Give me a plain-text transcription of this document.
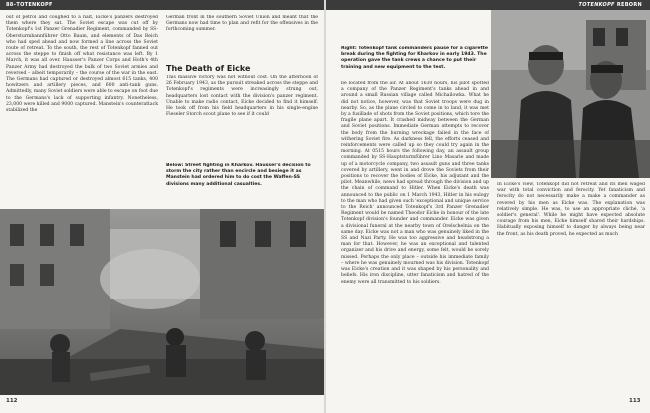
88–TOTENKOPF	TOTENKOPF REBORN
out of petrol and coughed to a halt, Eicke's panzers destroyed them where they sat. The Soviet escape was cut off by Totenkopf's 1st Panzer Grenadier Regiment, commanded by SS-Obersturmbannführer Otto Baum, and elements of Das Reich who had sped ahead and now formed a line across the Soviet route of retreat. To the south, the rest of Totenkopf fanned out across the steppe to finish off what resistance was left. By 1 March, it was all over. Hausser's Panzer Corps and Hoth's 4th Panzer Army had destroyed the bulk of two Soviet armies and reversed – albeit temporarily – the course of the war in the east. The Germans had captured or destroyed almost 615 tanks, 400 howitzers and artillery pieces, and 600 anti-tank guns. Admittedly, many Soviet soldiers were able to escape on foot due to the Germans's lack of supporting infantry. Nonetheless, 23,000 were killed and 9000 captured. Manstein's counterattack stabilized the
German front in the southern Soviet Union and meant that the Germans now had time to plan and refit for the offensives in the forthcoming summer.
The Death of Eicke
This massive victory was not without cost. On the afternoon of 26 February 1943, as the pursuit streaked across the steppe and Totenkopf's regiments were increasingly strung out, headquarters lost contact with the division's panzer regiment. Unable to make radio contact, Eicke decided to find it himself. He took off from his field headquarters in his single-engine Fieseler Storch scout plane to see if it could
Below: Street fighting in Kharkov. Hausser's decision to storm the city rather than encircle and besiege it as Manstein had ordered him to do cost the Waffen-SS divisions many additional casualties.
112
Right: Totenkopf tank commanders pause for a cigarette break during the fighting for Kharkov in early 1943. The operation gave the tank crews a chance to put their training and new equipment to the test.
be located from the air. At about 1630 hours, his pilot spotted a company of the Panzer Regiment's tanks ahead in and around a small Russian village called Michailowka. What he did not notice, however, was that Soviet troops were dug in nearby. So, as the plane circled to come in to land, it was met by a fusillade of shots from the Soviet positions, which tore the fragile plane apart. It crashed midway between the German and Soviet positions. Immediate German attempts to recover the body from the burning wreckage failed in the face of withering Soviet fire. As darkness fell, the efforts ceased and reinforcements were called up so they could try again in the morning. At 0515 hours the following day, an assault group commanded by SS-Hauptsturmführer Lino Masarie and made up of a motorcycle company, two assault guns and three tanks covered by artillery, went in and drove the Soviets from their positions to recover the bodies of Eicke, his adjutant and the pilot. Meanwhile, news had spread through the division and up the chain of command to Hitler. When Eicke's death was announced to the public on 1 March 1943, Hitler in his eulogy to the man who had given such 'exceptional and unique service to the Reich' announced Totenkopf's 3rd Panzer Grenadier Regiment would be named Theodor Eicke in honour of the late Totenkopf division's founder and commander. Eicke was given a divisional funeral at the nearby town of Orelschelnia on the same day. Eicke was not a man who was genuinely liked in the SS and Nazi Party. He was too aggressive and headstrong a man for that. However, he was an exceptional and talented organizer and his drive and energy, some felt, would be sorely missed. Perhaps the only place – outside his immediate family – where he was genuinely mourned was his division. Totenkopf was Eicke's creation and it was shaped by his personality and beliefs. His iron discipline, utter fanaticism and hatred of the enemy were all transmitted to his soldiers.
In Eicke's view, Totenkopf did not retreat and its men waged war with total conviction and ferocity. Yet fanaticism and ferocity do not necessarily make a make a commander as revered by his men as Eicke was. The explanation was relatively simple. He was, to use an appropriate cliché, 'a soldier's general'. While he might have expected absolute courage from his men, Eicke himself shared their hardships. Habitually exposing himself to danger by always being near the front, as his death proved, he expected as much
113
